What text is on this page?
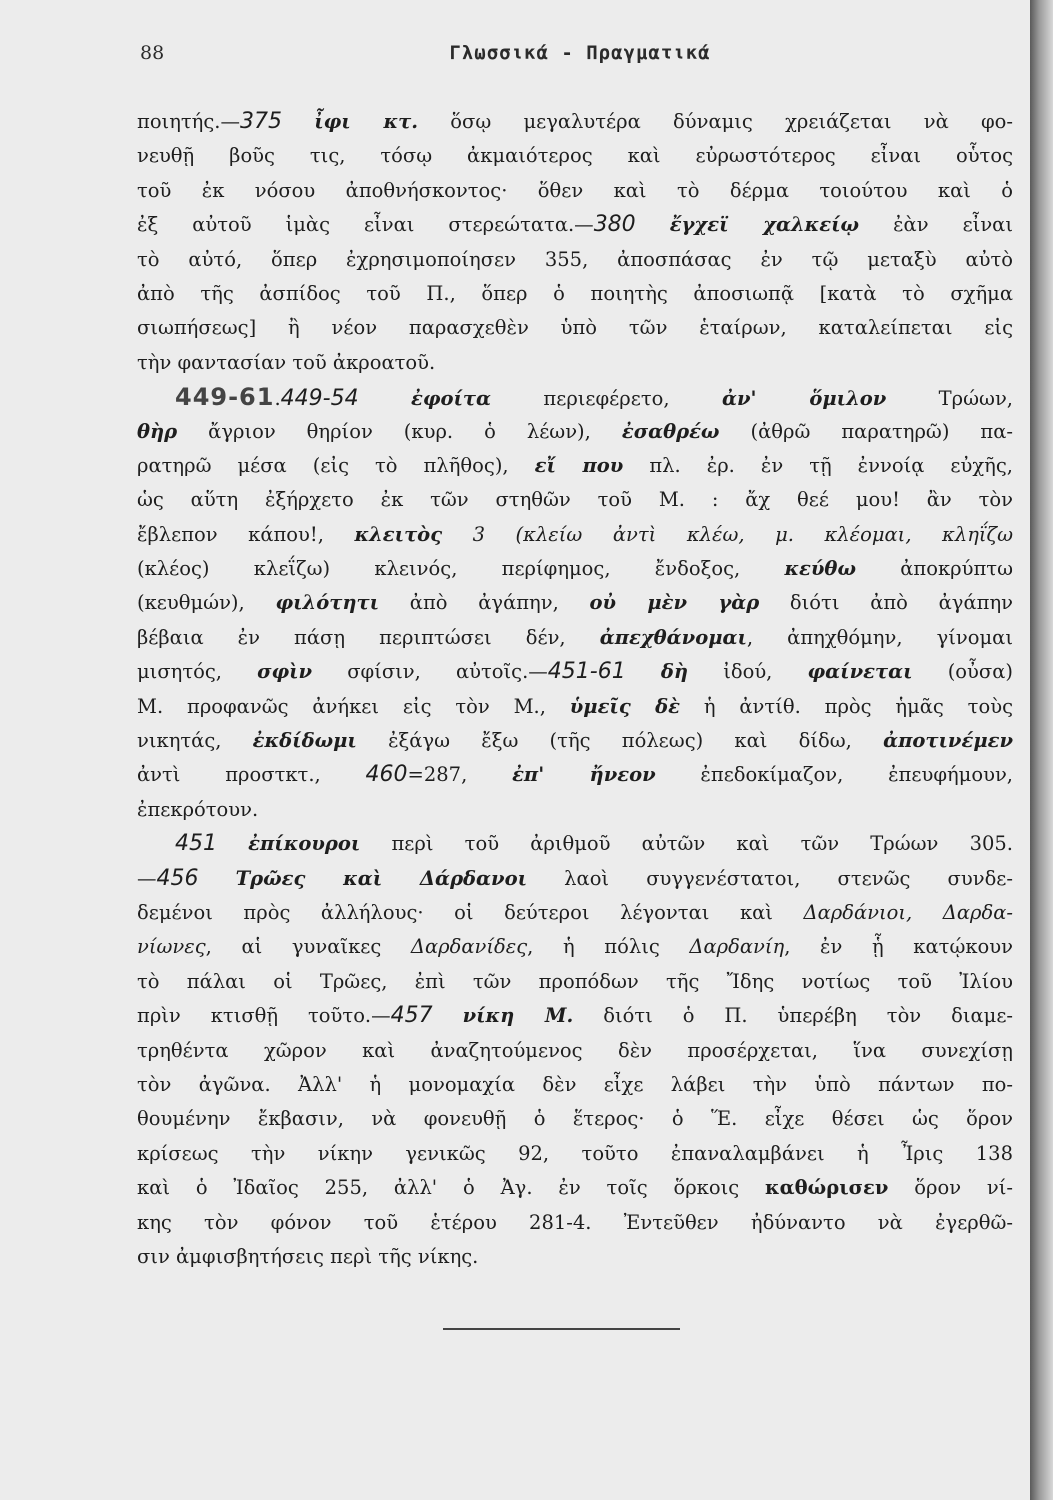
88	Γλωσσικά - Πραγματικά
ποιητής.—375 ἶφι κτ. ὅσῳ μεγαλυτέρα δύναμις χρειάζεται νὰ φο-
νευθῇ βοῦς τις, τόσῳ ἀκμαιότερος καὶ εὐρωστότερος εἶναι οὗτος
τοῦ ἐκ νόσου ἀποθνήσκοντος· ὅθεν καὶ τὸ δέρμα τοιούτου καὶ ὁ
ἐξ αὐτοῦ ἱμὰς εἶναι στερεώτατα.—380 ἔγχεϊ χαλκείῳ ἐὰν εἶναι
τὸ αὐτό, ὅπερ ἐχρησιμοποίησεν 355, ἀποσπάσας ἐν τῷ μεταξὺ αὐτὸ
ἀπὸ τῆς ἀσπίδος τοῦ Π., ὅπερ ὁ ποιητὴς ἀποσιωπᾷ [κατὰ τὸ σχῆμα
σιωπήσεως] ἢ νέον παρασχεθὲν ὑπὸ τῶν ἑταίρων, καταλείπεται εἰς
τὴν φαντασίαν τοῦ ἀκροατοῦ.
449-61.449-54	ἐφοίτα περιεφέρετο, ἀν' ὅμιλον Τρώων,
θὴρ ἄγριον θηρίον (κυρ. ὁ λέων), ἐσαθρέω (ἀθρῶ παρατηρῶ) πα-
ρατηρῶ μέσα (εἰς τὸ πλῆθος), εἴ που πλ. ἐρ. ἐν τῇ ἐννοίᾳ εὐχῆς,
ὡς αὕτη ἐξήρχετο ἐκ τῶν στηθῶν τοῦ Μ. : ἄχ θεέ μου! ἂν τὸν
ἔβλεπον κάπου!, κλειτὸς 3 (κλείω ἀντὶ κλέω, μ. κλέομαι, κληΐζω
(κλέος) κλεΐζω) κλεινός, περίφημος, ἔνδοξος, κεύθω ἀποκρύπτω
(κευθμών), φιλότητι ἀπὸ ἀγάπην, οὐ μὲν γὰρ διότι ἀπὸ ἀγάπην
βέβαια ἐν πάσῃ περιπτώσει δέν, ἀπεχθάνομαι, ἀπηχθόμην, γίνομαι
μισητός, σφὶν σφίσιν, αὐτοῖς.—451-61 δὴ ἰδού, φαίνεται (οὖσα)
Μ. προφανῶς ἀνήκει εἰς τὸν Μ., ὑμεῖς δὲ ἡ ἀντίθ. πρὸς ἡμᾶς τοὺς
νικητάς, ἐκδίδωμι ἐξάγω ἔξω (τῆς πόλεως) καὶ δίδω, ἀποτινέμεν
ἀντὶ προστκτ., 460=287, ἐπ' ἤνεον ἐπεδοκίμαζον, ἐπευφήμουν,
ἐπεκρότουν.
451 ἐπίκουροι περὶ τοῦ ἀριθμοῦ αὐτῶν καὶ τῶν Τρώων 305.
—456 Τρῶες καὶ Δάρδανοι λαοὶ συγγενέστατοι, στενῶς συνδε-
δεμένοι πρὸς ἀλλήλους· οἱ δεύτεροι λέγονται καὶ Δαρδάνιοι, Δαρδα-
νίωνες, αἱ γυναῖκες Δαρδανίδες, ἡ πόλις Δαρδανίη, ἐν ᾗ κατῴκουν
τὸ πάλαι οἱ Τρῶες, ἐπὶ τῶν προπόδων τῆς Ἴδης νοτίως τοῦ Ἰλίου
πρὶν κτισθῇ τοῦτο.—457 νίκη Μ. διότι ὁ Π. ὑπερέβη τὸν διαμε-
τρηθέντα χῶρον καὶ ἀναζητούμενος δὲν προσέρχεται, ἵνα συνεχίσῃ
τὸν ἀγῶνα. Ἀλλ' ἡ μονομαχία δὲν εἶχε λάβει τὴν ὑπὸ πάντων πο-
θουμένην ἔκβασιν, νὰ φονευθῇ ὁ ἕτερος· ὁ Ἕ. εἶχε θέσει ὡς ὅρον
κρίσεως τὴν νίκην γενικῶς 92, τοῦτο ἐπαναλαμβάνει ἡ Ἶρις 138
καὶ ὁ Ἰδαῖος 255, ἀλλ' ὁ Ἀγ. ἐν τοῖς ὅρκοις καθώρισεν ὅρον νί-
κης τὸν φόνον τοῦ ἑτέρου 281-4. Ἐντεῦθεν ἠδύναντο νὰ ἐγερθῶ-
σιν ἀμφισβητήσεις περὶ τῆς νίκης.
